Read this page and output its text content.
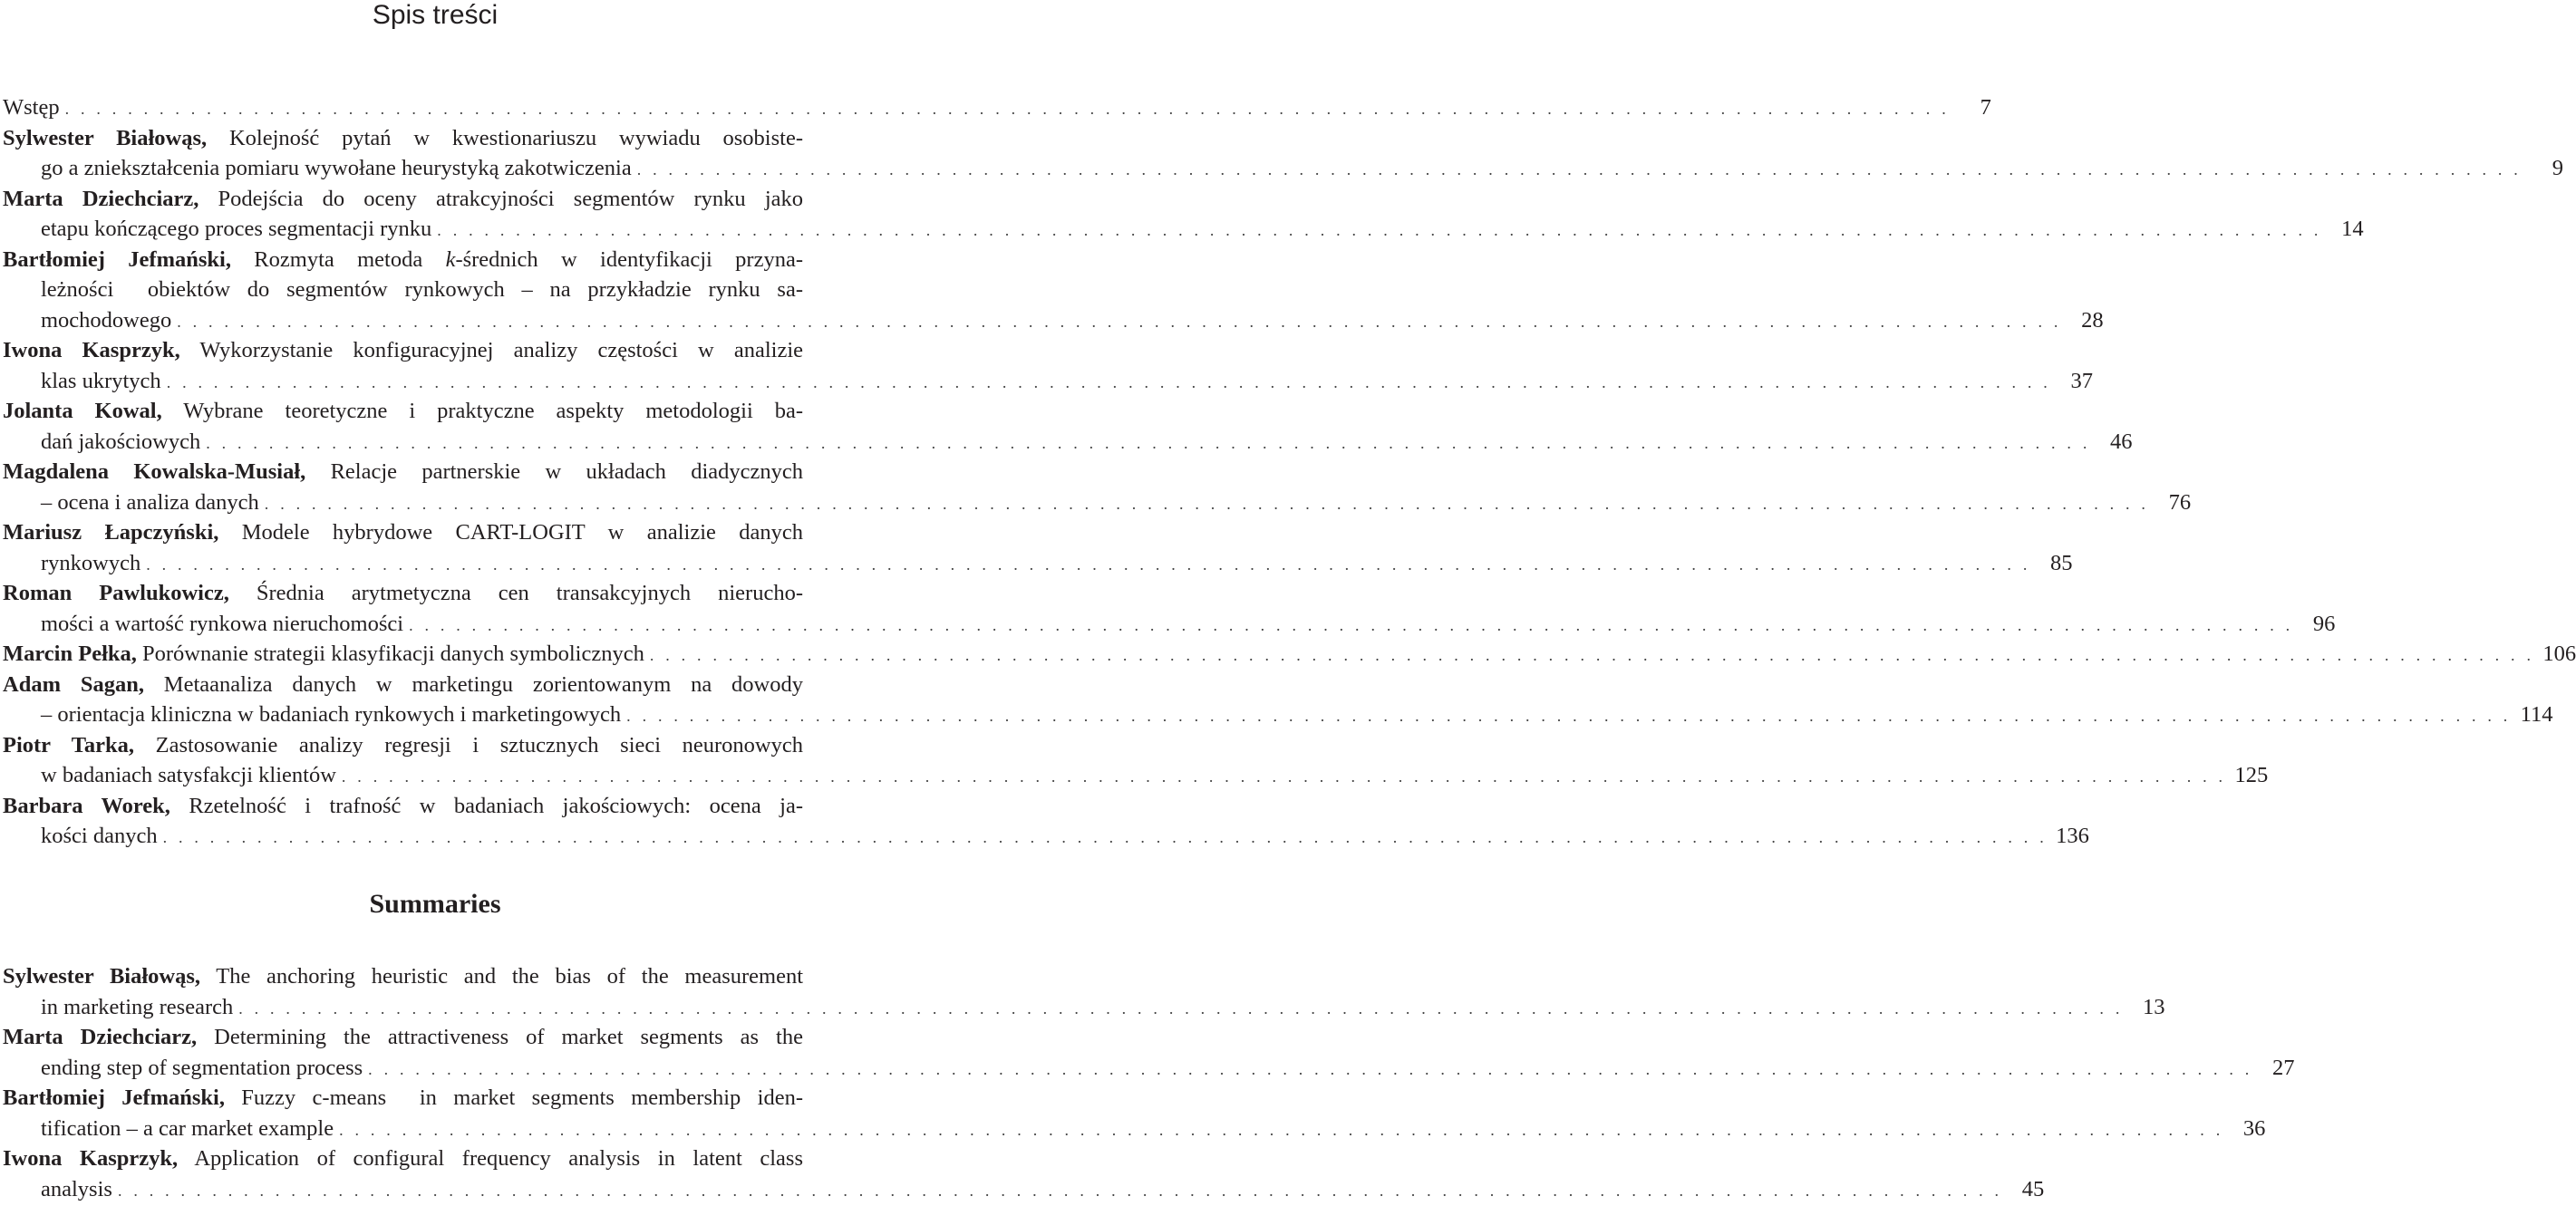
Spis treści
Wstęp . . . . . . . . . . . . . . . . . . . . . . . . . . . . . . . . . . . . . . . . . . . . . . . . . . . . . . . . . . . . . . . . . . . . . . . . . . . . . . . . . . . . . . . . . . . . . . . . . . . . . . . . . . . . . . . . . . . . . . . .	7
Sylwester Białowąs, Kolejność pytań w kwestionariuszu wywiadu osobiste-
go a zniekształcenia pomiaru wywołane heurystyką zakotwiczenia . . . . . . . . . . . . . . . . . . . . . . . . . . . . . . . . . . . . . . . . . . . . . . . . . . . . . . . . . . . . . . . . . . . . . . . . . . . . . . . . . . . . . . . . . . . . . . . . . . . . . . . . . . . . . . . . . . . . . . . .	9
Marta Dziechciarz, Podejścia do oceny atrakcyjności segmentów rynku jako
etapu kończącego proces segmentacji rynku . . . . . . . . . . . . . . . . . . . . . . . . . . . . . . . . . . . . . . . . . . . . . . . . . . . . . . . . . . . . . . . . . . . . . . . . . . . . . . . . . . . . . . . . . . . . . . . . . . . . . . . . . . . . . . . . . . . . . . . . 14
Bartłomiej Jefmański, Rozmyta metoda k-średnich w identyfikacji przyna-
leżności  obiektów do segmentów rynkowych – na przykładzie rynku sa-
mochodowego . . . . . . . . . . . . . . . . . . . . . . . . . . . . . . . . . . . . . . . . . . . . . . . . . . . . . . . . . . . . . . . . . . . . . . . . . . . . . . . . . . . . . . . . . . . . . . . . . . . . . . . . . . . . . . . . . . . . . . . . 28
Iwona Kasprzyk, Wykorzystanie konfiguracyjnej analizy częstości w analizie
klas ukrytych . . . . . . . . . . . . . . . . . . . . . . . . . . . . . . . . . . . . . . . . . . . . . . . . . . . . . . . . . . . . . . . . . . . . . . . . . . . . . . . . . . . . . . . . . . . . . . . . . . . . . . . . . . . . . . . . . . . . . . . . 37
Jolanta Kowal, Wybrane teoretyczne i praktyczne aspekty metodologii ba-
dań jakościowych . . . . . . . . . . . . . . . . . . . . . . . . . . . . . . . . . . . . . . . . . . . . . . . . . . . . . . . . . . . . . . . . . . . . . . . . . . . . . . . . . . . . . . . . . . . . . . . . . . . . . . . . . . . . . . . . . . . . . . . . 46
Magdalena Kowalska-Musiał, Relacje partnerskie w układach diadycznych
– ocena i analiza danych . . . . . . . . . . . . . . . . . . . . . . . . . . . . . . . . . . . . . . . . . . . . . . . . . . . . . . . . . . . . . . . . . . . . . . . . . . . . . . . . . . . . . . . . . . . . . . . . . . . . . . . . . . . . . . . . . . . . . . . . 76
Mariusz Łapczyński, Modele hybrydowe CART-LOGIT w analizie danych
rynkowych . . . . . . . . . . . . . . . . . . . . . . . . . . . . . . . . . . . . . . . . . . . . . . . . . . . . . . . . . . . . . . . . . . . . . . . . . . . . . . . . . . . . . . . . . . . . . . . . . . . . . . . . . . . . . . . . . . . . . . . . 85
Roman Pawlukowicz, Średnia arytmetyczna cen transakcyjnych nierucho-
mości a wartość rynkowa nieruchomości . . . . . . . . . . . . . . . . . . . . . . . . . . . . . . . . . . . . . . . . . . . . . . . . . . . . . . . . . . . . . . . . . . . . . . . . . . . . . . . . . . . . . . . . . . . . . . . . . . . . . . . . . . . . . . . . . . . . . . . . 96
Marcin Pełka, Porównanie strategii klasyfikacji danych symbolicznych . . . . . . . . . . . . . . . . . . . . . . . . . . . . . . . . . . . . . . . . . . . . . . . . . . . . . . . . . . . . . . . . . . . . . . . . . . . . . . . . . . . . . . . . . . . . . . . . . . . . . . . . . . . . . . . . . . . . . . . . 106
Adam Sagan, Metaanaliza danych w marketingu zorientowanym na dowody
– orientacja kliniczna w badaniach rynkowych i marketingowych . . . . . . . . . . . . . . . . . . . . . . . . . . . . . . . . . . . . . . . . . . . . . . . . . . . . . . . . . . . . . . . . . . . . . . . . . . . . . . . . . . . . . . . . . . . . . . . . . . . . . . . . . . . . . . . . . . . . . . . . 114
Piotr Tarka, Zastosowanie analizy regresji i sztucznych sieci neuronowych
w badaniach satysfakcji klientów . . . . . . . . . . . . . . . . . . . . . . . . . . . . . . . . . . . . . . . . . . . . . . . . . . . . . . . . . . . . . . . . . . . . . . . . . . . . . . . . . . . . . . . . . . . . . . . . . . . . . . . . . . . . . . . . . . . . . . . . 125
Barbara Worek, Rzetelność i trafność w badaniach jakościowych: ocena ja-
kości danych . . . . . . . . . . . . . . . . . . . . . . . . . . . . . . . . . . . . . . . . . . . . . . . . . . . . . . . . . . . . . . . . . . . . . . . . . . . . . . . . . . . . . . . . . . . . . . . . . . . . . . . . . . . . . . . . . . . . . . . . 136
Summaries
Sylwester Białowąs, The anchoring heuristic and the bias of the measurement
in marketing research . . . . . . . . . . . . . . . . . . . . . . . . . . . . . . . . . . . . . . . . . . . . . . . . . . . . . . . . . . . . . . . . . . . . . . . . . . . . . . . . . . . . . . . . . . . . . . . . . . . . . . . . . . . . . . . . . . . . . . . . 13
Marta Dziechciarz, Determining the attractiveness of market segments as the
ending step of segmentation process . . . . . . . . . . . . . . . . . . . . . . . . . . . . . . . . . . . . . . . . . . . . . . . . . . . . . . . . . . . . . . . . . . . . . . . . . . . . . . . . . . . . . . . . . . . . . . . . . . . . . . . . . . . . . . . . . . . . . . . . 27
Bartłomiej Jefmański, Fuzzy c-means  in market segments membership iden-
tification – a car market example . . . . . . . . . . . . . . . . . . . . . . . . . . . . . . . . . . . . . . . . . . . . . . . . . . . . . . . . . . . . . . . . . . . . . . . . . . . . . . . . . . . . . . . . . . . . . . . . . . . . . . . . . . . . . . . . . . . . . . . . 36
Iwona Kasprzyk, Application of configural frequency analysis in latent class
analysis . . . . . . . . . . . . . . . . . . . . . . . . . . . . . . . . . . . . . . . . . . . . . . . . . . . . . . . . . . . . . . . . . . . . . . . . . . . . . . . . . . . . . . . . . . . . . . . . . . . . . . . . . . . . . . . . . . . . . . . . 45
